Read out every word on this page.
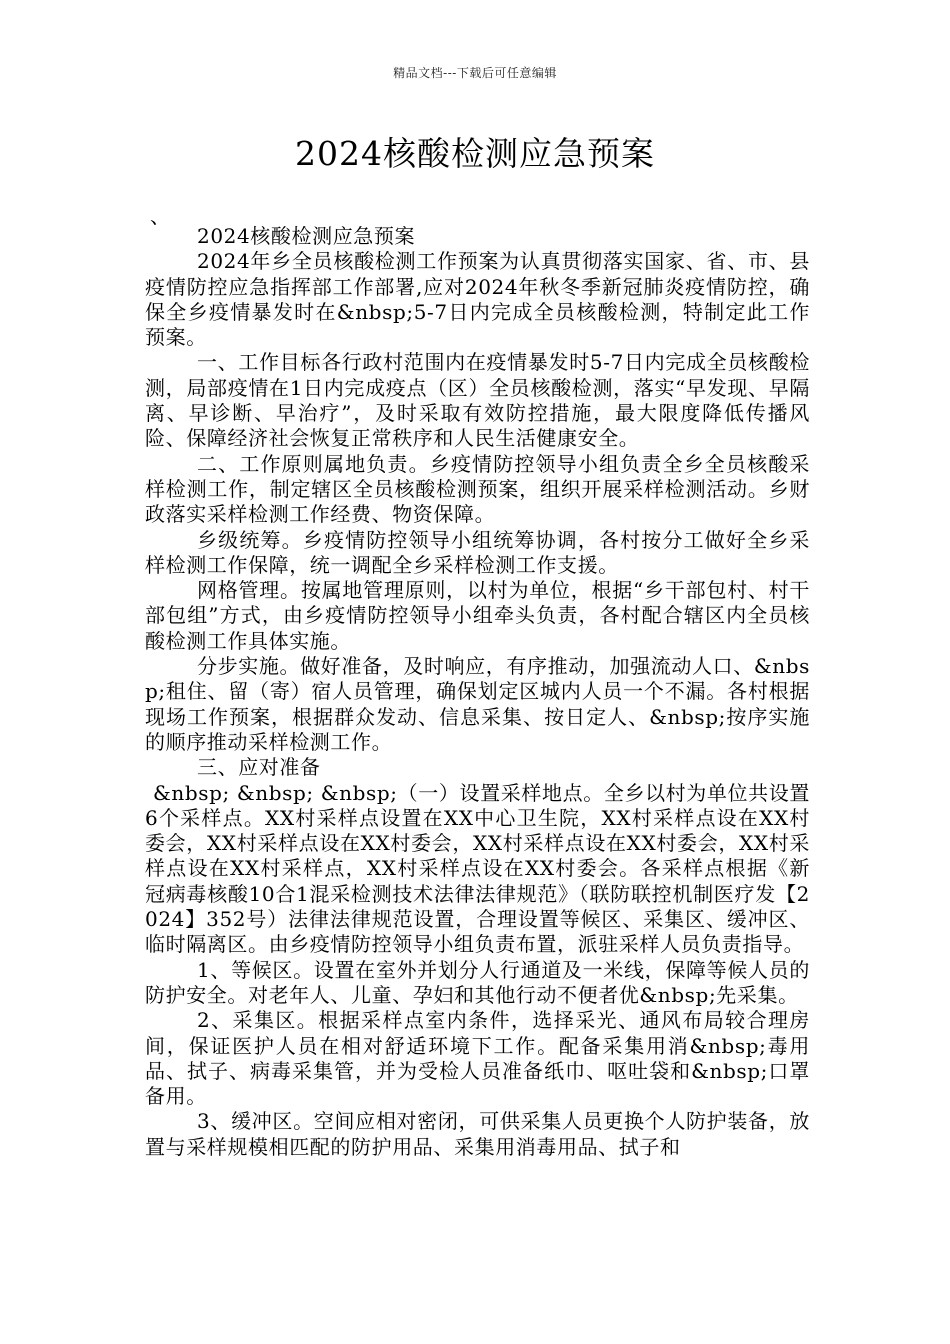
精品文档---下载后可任意编辑
2024核酸检测应急预案
、

2024核酸检测应急预案

2024年乡全员核酸检测工作预案为认真贯彻落实国家、省、市、县疫情防控应急指挥部工作部署,应对2024年秋冬季新冠肺炎疫情防控，确保全乡疫情暴发时在&nbsp;5-7日内完成全员核酸检测，特制定此工作预案。

一、工作目标各行政村范围内在疫情暴发时5-7日内完成全员核酸检测，局部疫情在1日内完成疫点（区）全员核酸检测，落实“早发现、早隔离、早诊断、早治疗”，及时采取有效防控措施，最大限度降低传播风险、保障经济社会恢复正常秩序和人民生活健康安全。

二、工作原则属地负责。乡疫情防控领导小组负责全乡全员核酸采样检测工作，制定辖区全员核酸检测预案，组织开展采样检测活动。乡财政落实采样检测工作经费、物资保障。

乡级统筹。乡疫情防控领导小组统筹协调，各村按分工做好全乡采样检测工作保障，统一调配全乡采样检测工作支援。

网格管理。按属地管理原则，以村为单位，根据“乡干部包村、村干部包组”方式，由乡疫情防控领导小组牵头负责，各村配合辖区内全员核酸检测工作具体实施。

分步实施。做好准备，及时响应，有序推动，加强流动人口、&nbsp;租住、留（寄）宿人员管理，确保划定区城内人员一个不漏。各村根据现场工作预案，根据群众发动、信息采集、按日定人、&nbsp;按序实施的顺序推动采样检测工作。

三、应对准备

&nbsp; &nbsp; &nbsp;（一）设置采样地点。全乡以村为单位共设置6个采样点。XX村采样点设置在XX中心卫生院，XX村采样点设在XX村委会，XX村采样点设在XX村委会，XX村采样点设在XX村委会，XX村采样点设在XX村采样点，XX村采样点设在XX村委会。各采样点根据《新冠病毒核酸10合1混采检测技术法律法律规范》（联防联控机制医疗发【2024】352号）法律法律规范设置，合理设置等候区、采集区、缓冲区、临时隔离区。由乡疫情防控领导小组负责布置，派驻采样人员负责指导。

1、等候区。设置在室外并划分人行通道及一米线，保障等候人员的防护安全。对老年人、儿童、孕妇和其他行动不便者优&nbsp;先采集。

2、采集区。根据采样点室内条件，选择采光、通风布局较合理房间，保证医护人员在相对舒适环境下工作。配备采集用消&nbsp;毒用品、拭子、病毒采集管，并为受检人员准备纸巾、呕吐袋和&nbsp;口罩备用。

3、缓冲区。空间应相对密闭，可供采集人员更换个人防护装备，放置与采样规模相匹配的防护用品、采集用消毒用品、拭子和
